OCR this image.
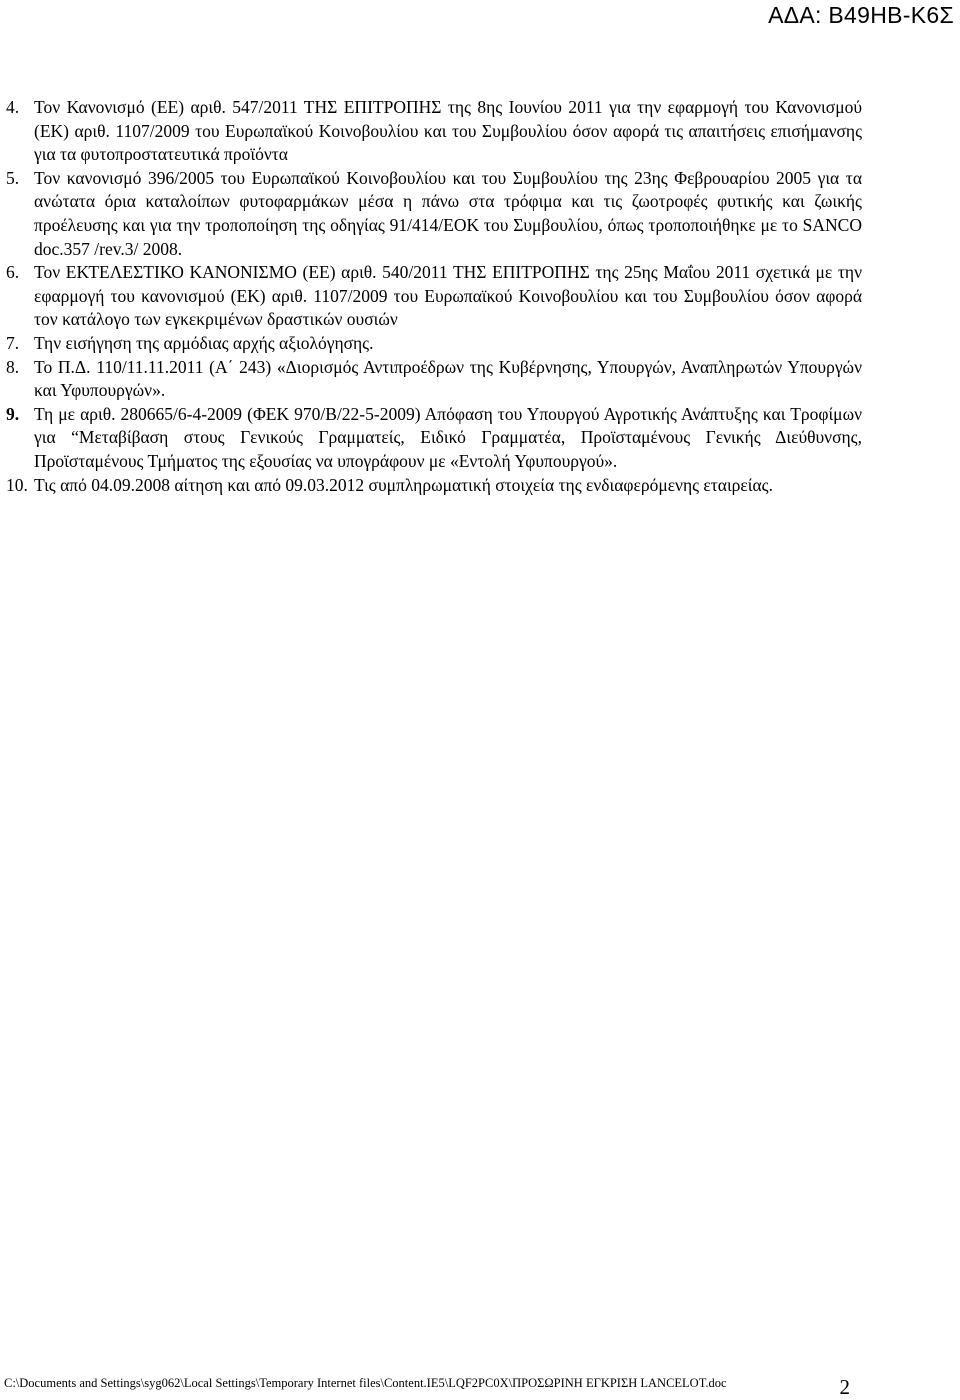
ΑΔΑ: Β49ΗΒ-Κ6Σ
4. Τον Κανονισμό (ΕΕ) αριθ. 547/2011 ΤΗΣ ΕΠΙΤΡΟΠΗΣ της 8ης Ιουνίου 2011 για την εφαρμογή του Κανονισμού (ΕΚ) αριθ. 1107/2009 του Ευρωπαϊκού Κοινοβουλίου και του Συμβουλίου όσον αφορά τις απαιτήσεις επισήμανσης για τα φυτοπροστατευτικά προϊόντα
5. Τον κανονισμό 396/2005 του Ευρωπαϊκού Κοινοβουλίου και του Συμβουλίου της 23ης Φεβρουαρίου 2005 για τα ανώτατα όρια καταλοίπων φυτοφαρμάκων μέσα η πάνω στα τρόφιμα και τις ζωοτροφές φυτικής και ζωικής προέλευσης και για την τροποποίηση της οδηγίας 91/414/ΕΟΚ του Συμβουλίου, όπως τροποποιήθηκε με το SANCO doc.357 /rev.3/ 2008.
6. Τον ΕΚΤΕΛΕΣΤΙΚΟ ΚΑΝΟΝΙΣΜΟ (ΕΕ) αριθ. 540/2011 ΤΗΣ ΕΠΙΤΡΟΠΗΣ της 25ης Μαΐου 2011 σχετικά με την εφαρμογή του κανονισμού (ΕΚ) αριθ. 1107/2009 του Ευρωπαϊκού Κοινοβουλίου και του Συμβουλίου όσον αφορά τον κατάλογο των εγκεκριμένων δραστικών ουσιών
7. Την εισήγηση της αρμόδιας αρχής αξιολόγησης.
8. Το Π.Δ. 110/11.11.2011 (Α΄ 243) «Διορισμός Αντιπροέδρων της Κυβέρνησης, Υπουργών, Αναπληρωτών Υπουργών και Υφυπουργών».
9. Τη με αριθ. 280665/6-4-2009 (ΦΕΚ 970/Β/22-5-2009) Απόφαση του Υπουργού Αγροτικής Ανάπτυξης και Τροφίμων για “Μεταβίβαση στους Γενικούς Γραμματείς, Ειδικό Γραμματέα, Προϊσταμένους Γενικής Διεύθυνσης, Προϊσταμένους Τμήματος της εξουσίας να υπογράφουν με «Εντολή Υφυπουργού».
10. Τις από 04.09.2008 αίτηση και από 09.03.2012 συμπληρωματική στοιχεία της ενδιαφερόμενης εταιρείας.
C:\Documents and Settings\syg062\Local Settings\Temporary Internet files\Content.IE5\LQF2PC0X\ΠΡΟΣΩΡΙΝΗ ΕΓΚΡΙΣΗ LANCELOT.doc	2
